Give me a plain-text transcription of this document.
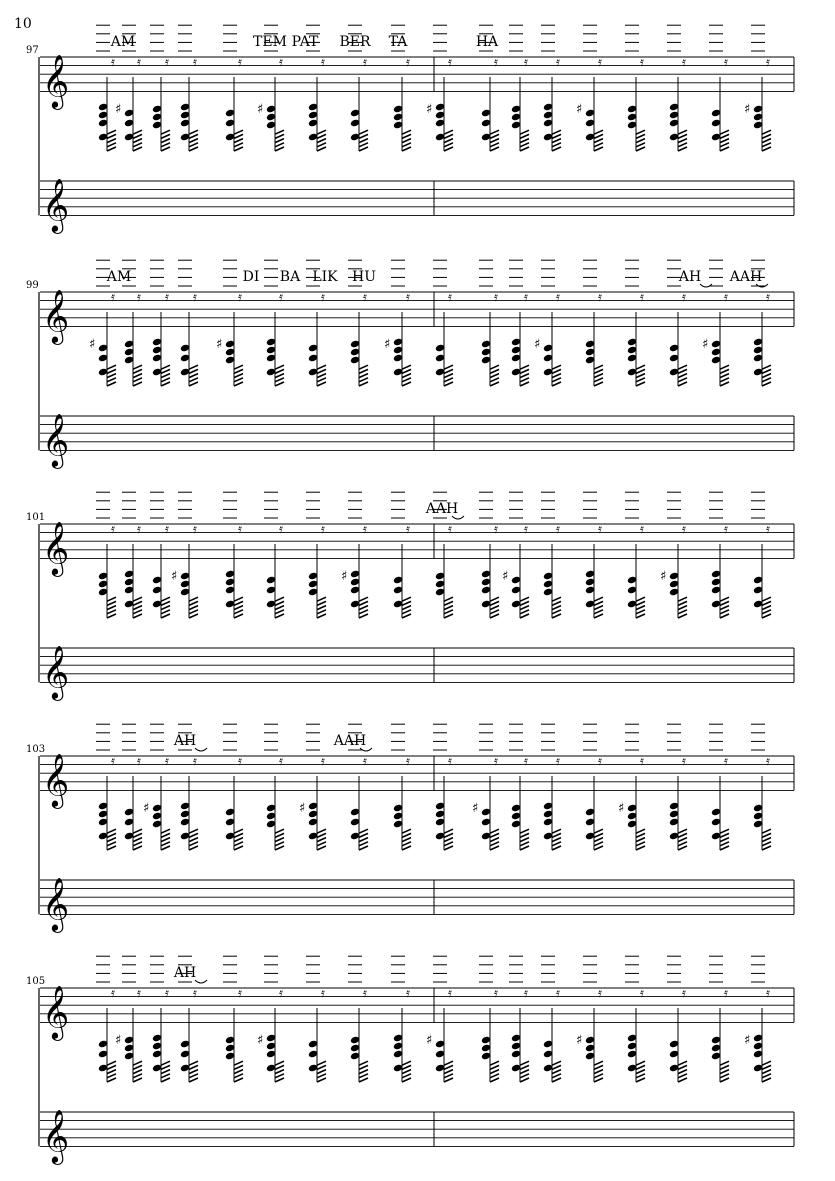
10
𝄞
𝄞
97
𝄿 𝄿
♯
𝄿 𝄿	𝄿	𝄿
♯
𝄿	𝄿	𝄿	𝄿
♯
𝄿 𝄿 𝄿	𝄿
♯
𝄿	𝄿	𝄿	𝄿
♯
AM	TEM PAT BER TA	HA
𝄞
𝄞
99
𝄿
♯
𝄿 𝄿 𝄿	𝄿
♯
𝄿	𝄿	𝄿	𝄿
♯
𝄿	𝄿 𝄿 𝄿
♯
𝄿	𝄿	𝄿	𝄿
♯
𝄿
AM	DI BA LIK HU	AH AAH
𝄞
𝄞
101
𝄿 𝄿 𝄿 𝄿
♯
𝄿	𝄿	𝄿	𝄿
♯
𝄿	𝄿	𝄿 𝄿
♯
𝄿	𝄿	𝄿	𝄿
♯
𝄿	𝄿
AAH
𝄞
𝄞
103
𝄿 𝄿 𝄿
♯
𝄿	𝄿	𝄿	𝄿
♯
𝄿	𝄿	𝄿	𝄿
♯
𝄿 𝄿	𝄿	𝄿
♯
𝄿	𝄿	𝄿
AH	AAH
𝄞
𝄞
105
𝄿 𝄿
♯
𝄿 𝄿	𝄿	𝄿
♯
𝄿	𝄿	𝄿	𝄿
♯
𝄿 𝄿 𝄿	𝄿
♯
𝄿	𝄿	𝄿	𝄿
♯
AH
